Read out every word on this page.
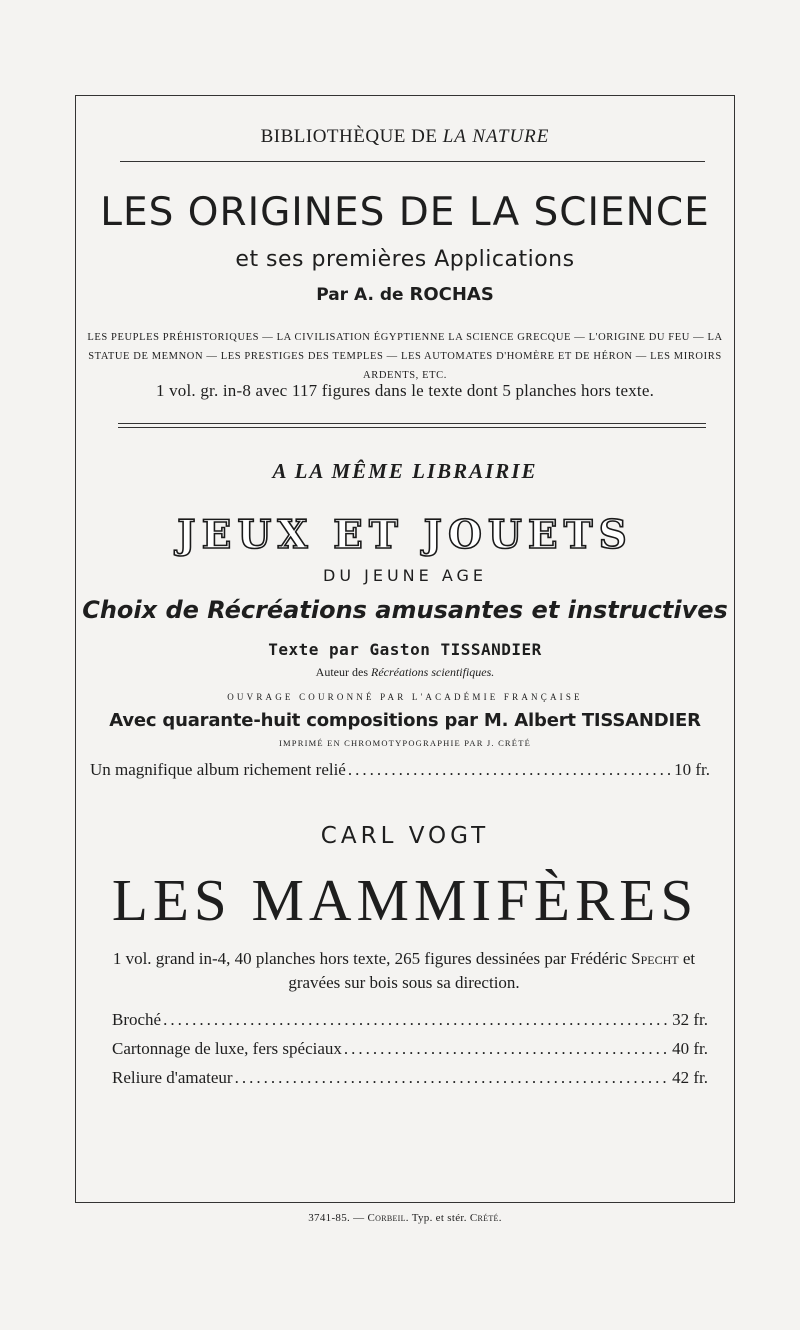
BIBLIOTHÈQUE DE LA NATURE
LES ORIGINES DE LA SCIENCE
et ses premières Applications
Par A. de ROCHAS
LES PEUPLES PRÉHISTORIQUES — LA CIVILISATION ÉGYPTIENNE LA SCIENCE GRECQUE — L'ORIGINE DU FEU — LA STATUE DE MEMNON — LES PRESTIGES DES TEMPLES — LES AUTOMATES D'HOMÈRE ET DE HÉRON — LES MIROIRS ARDENTS, ETC.
1 vol. gr. in-8 avec 117 figures dans le texte dont 5 planches hors texte.
A LA MÊME LIBRAIRIE
JEUX ET JOUETS
DU JEUNE AGE
Choix de Récréations amusantes et instructives
Texte par Gaston TISSANDIER
Auteur des Récréations scientifiques.
OUVRAGE COURONNÉ PAR L'ACADÉMIE FRANÇAISE
Avec quarante-huit compositions par M. Albert TISSANDIER
IMPRIMÉ EN CHROMOTYPOGRAPHIE PAR J. CRÉTÉ
Un magnifique album richement relié .....	10 fr.
CARL VOGT
LES MAMMIFÈRES
1 vol. grand in-4, 40 planches hors texte, 265 figures dessinées par Frédéric Specht et gravées sur bois sous sa direction.
Broché .....	32 fr.
Cartonnage de luxe, fers spéciaux .....	40 fr.
Reliure d'amateur .....	42 fr.
3741-85. — Corbeil. Typ. et stér. Crété.
